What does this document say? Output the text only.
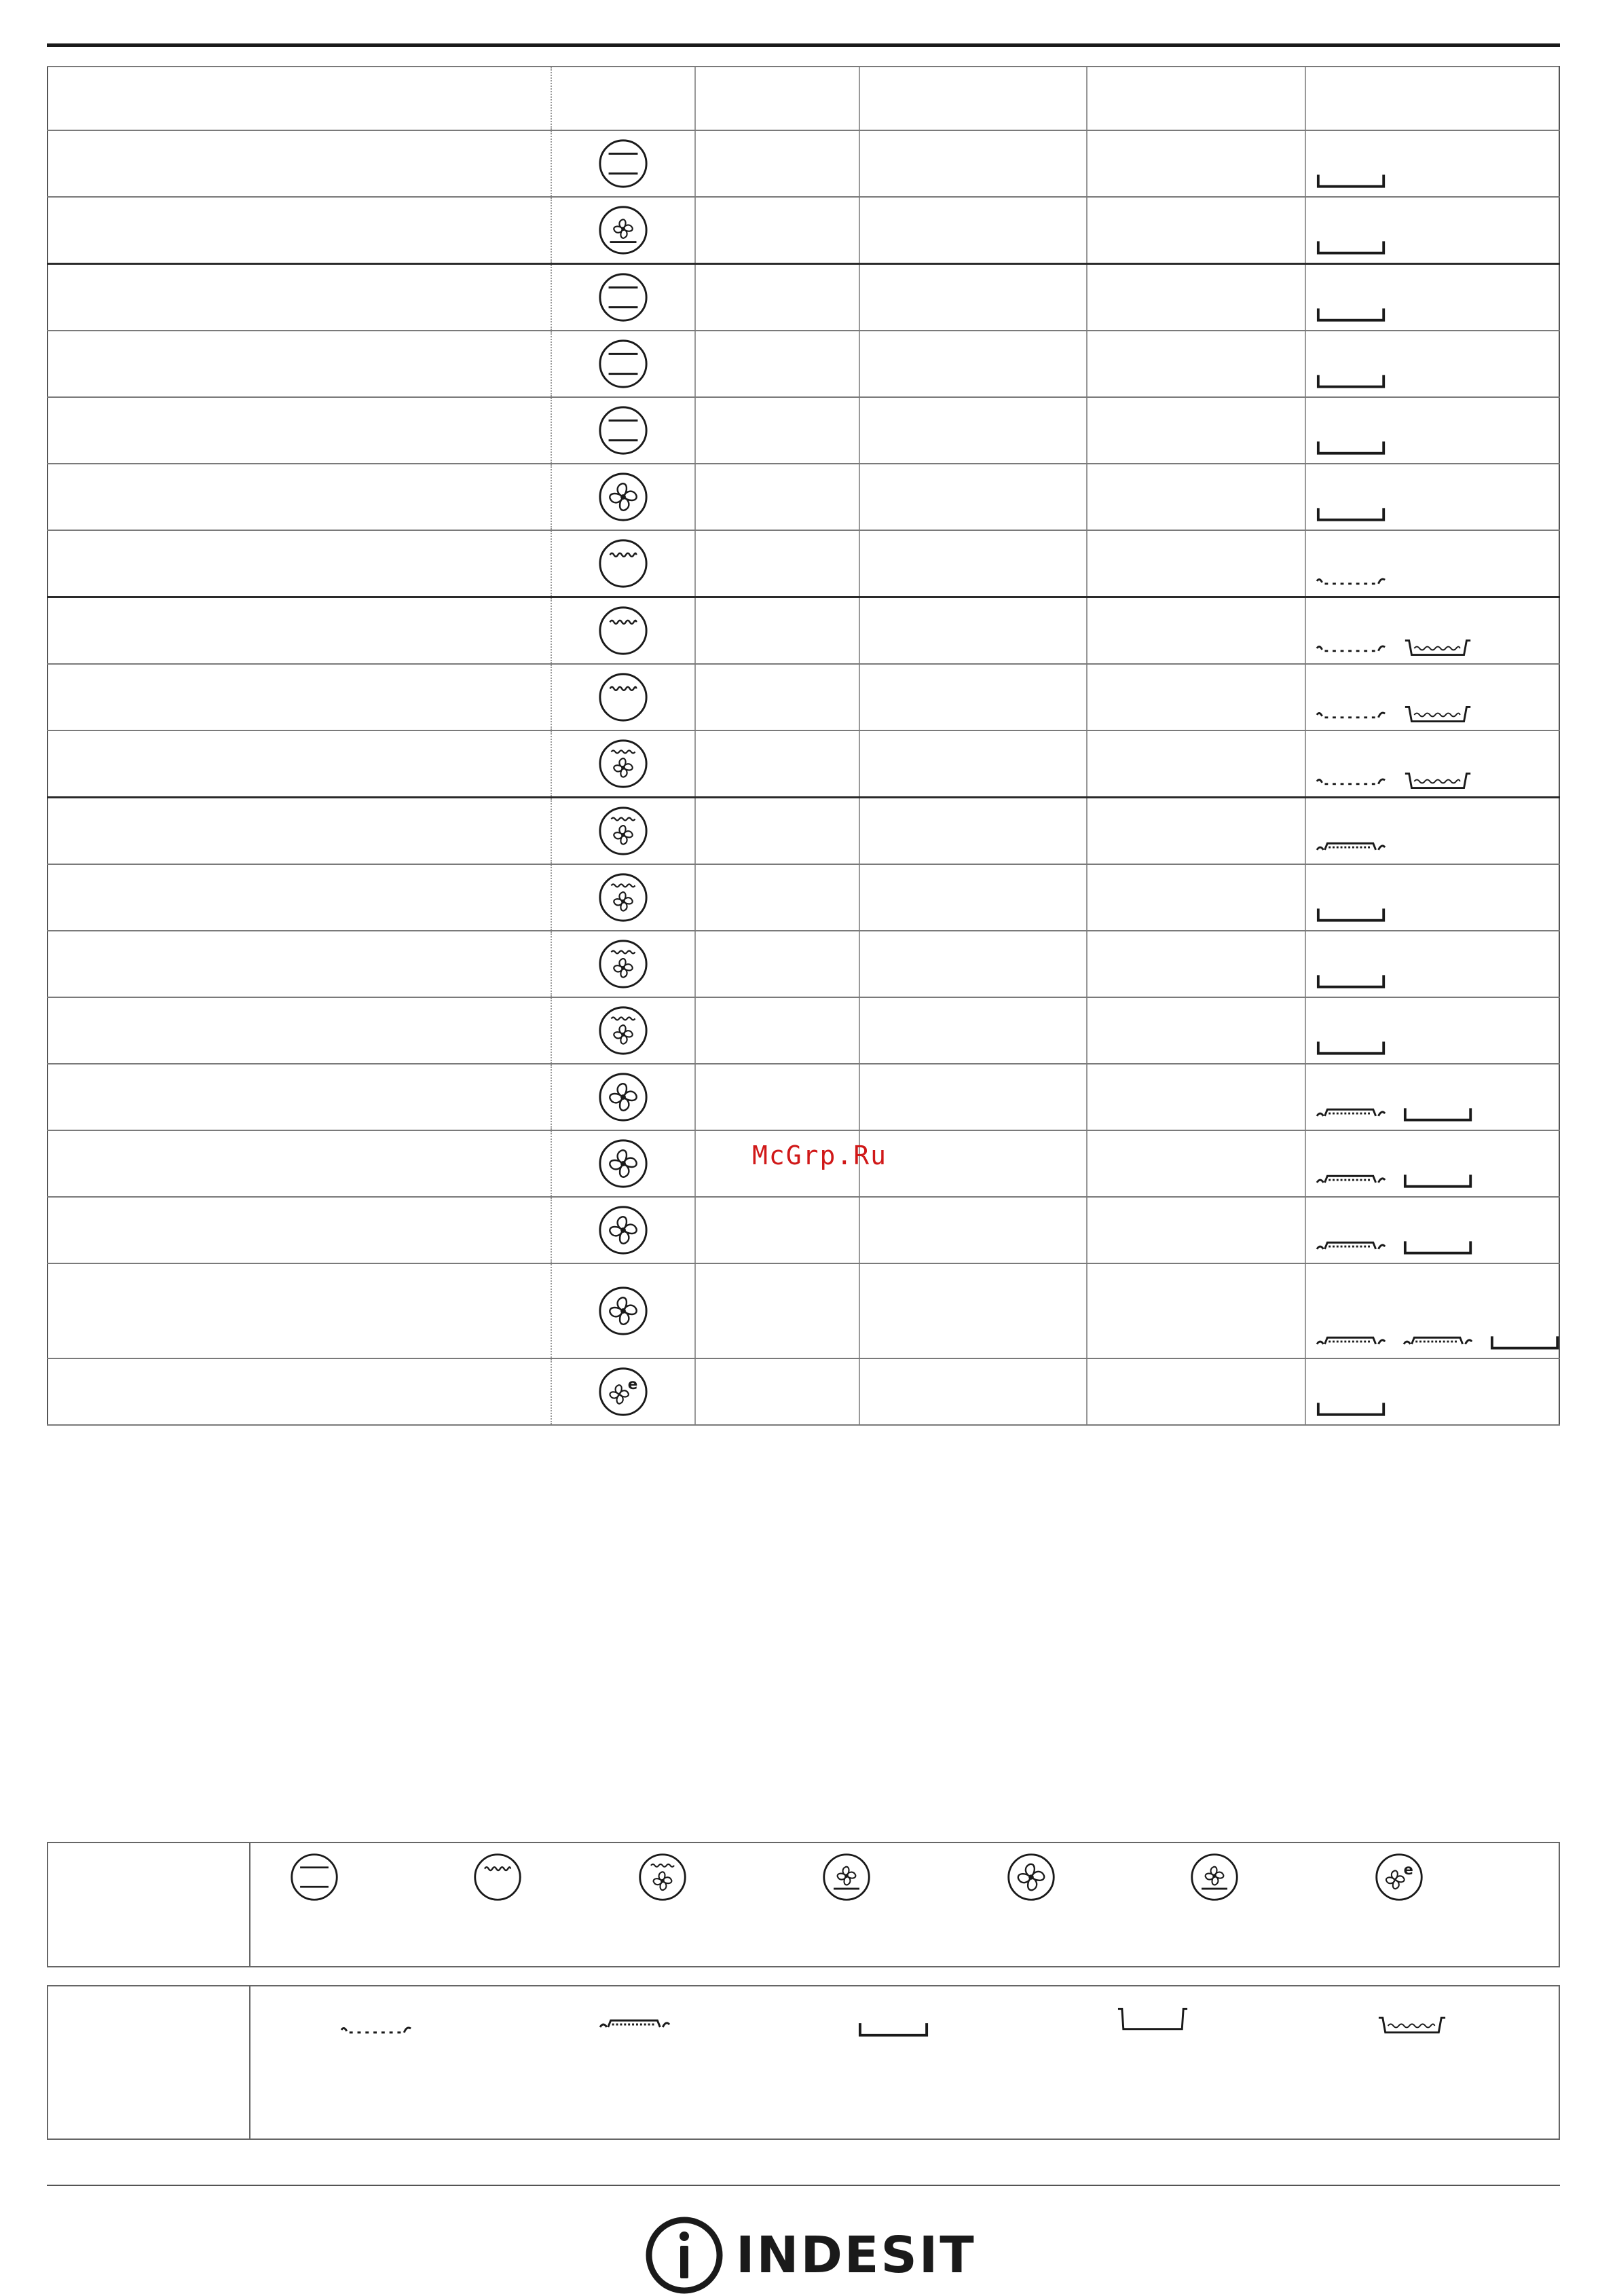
McGrp.Ru
INDESIT
